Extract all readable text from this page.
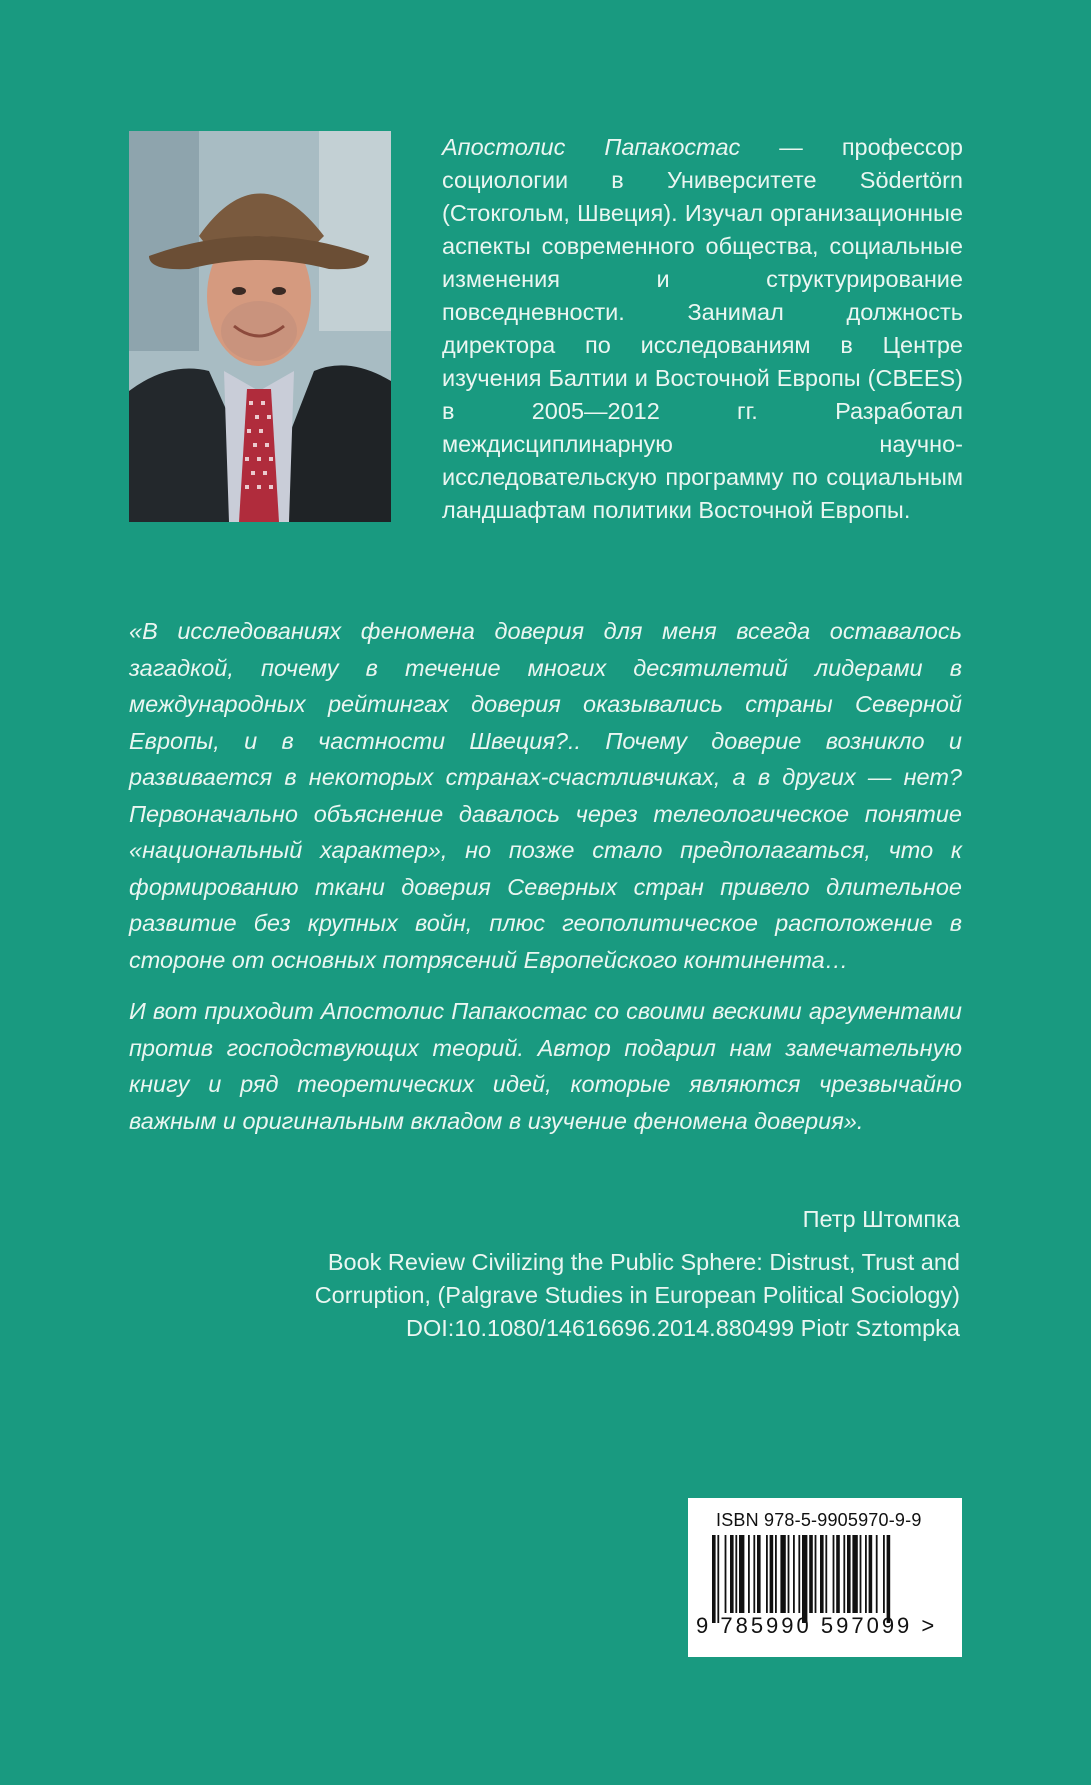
Апостолис Папакостас — профессор социологии в Университете Södertörn (Стокгольм, Швеция). Изучал организационные аспекты современного общества, социальные изменения и структурирование повседневности. Занимал должность директора по исследованиям в Центре изучения Балтии и Восточной Европы (CBEES) в 2005—2012 гг. Разработал междисциплинарную научно-исследовательскую программу по социальным ландшафтам политики Восточной Европы.

«В исследованиях феномена доверия для меня всегда оставалось загадкой, почему в течение многих десятилетий лидерами в международных рейтингах доверия оказывались страны Северной Европы, и в частности Швеция?.. Почему доверие возникло и развивается в некоторых странах-счастливчиках, а в других — нет? Первоначально объяснение давалось через телеологическое понятие «национальный характер», но позже стало предполагаться, что к формированию ткани доверия Северных стран привело длительное развитие без крупных войн, плюс геополитическое расположение в стороне от основных потрясений Европейского континента…

И вот приходит Апостолис Папакостас со своими вескими аргументами против господствующих теорий. Автор подарил нам замечательную книгу и ряд теоретических идей, которые являются чрезвычайно важным и оригинальным вкладом в изучение феномена доверия».

Петр Штомпка
Book Review Civilizing the Public Sphere: Distrust, Trust and
Corruption, (Palgrave Studies in European Political Sociology)
DOI:10.1080/14616696.2014.880499 Piotr Sztompka
ISBN 978-5-9905970-9-9
9 785990 597099 >
